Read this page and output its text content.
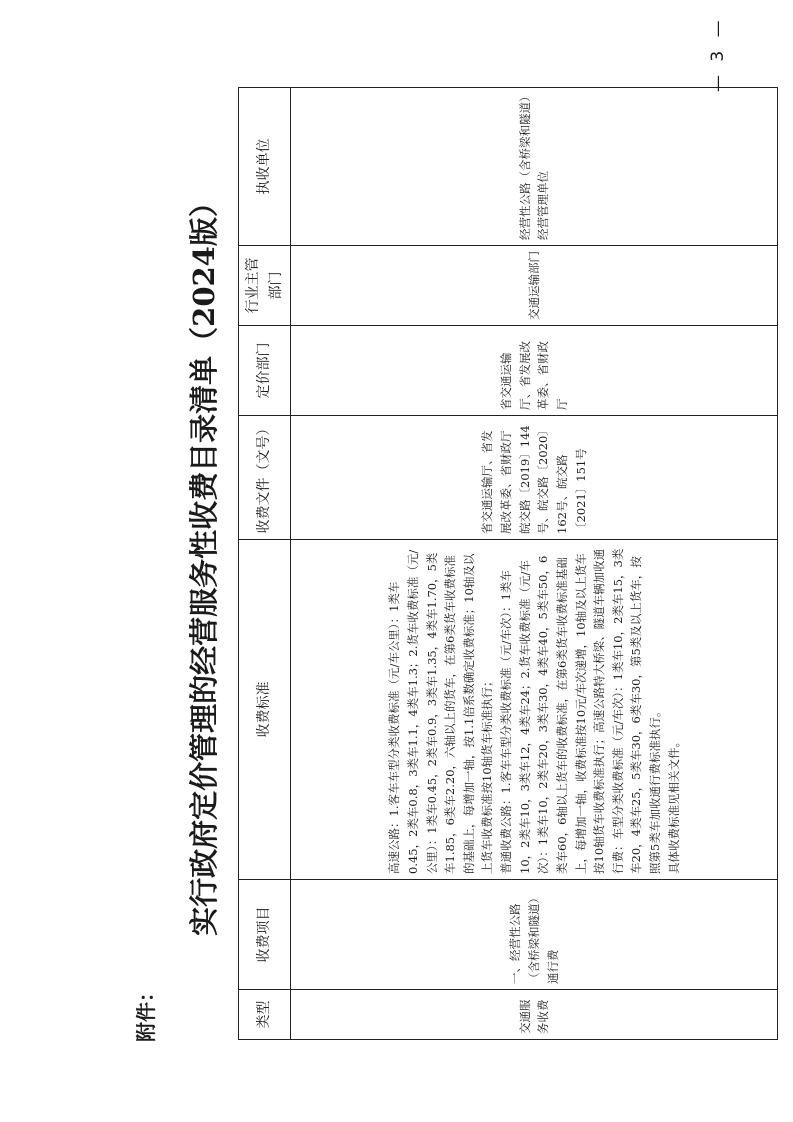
附件：
实行政府定价管理的经营服务性收费目录清单（2024版）
类型	收费项目	收费标准	收费文件（文号）	定价部门	行业主管部门	执收单位
交通服务收费	一、经营性公路（含桥梁和隧道）通行费	高速公路：1.客车车型分类收费标准（元/车公里）：1类车0.45，2类车0.8，3类车1.1，4类车1.3；2.货车收费标准（元/公里）：1类车0.45，2类车0.9，3类车1.35，4类车1.70，5类车1.85，6类车2.20，六轴以上的货车，在第6类货车收费标准的基础上，每增加一轴，按1.1倍系数确定收费标准；10轴及以上货车收费标准按10轴货车标准执行； 普通收费公路：1.客车车型分类收费标准（元/车次）：1类车10，2类车10，3类车12，4类车24；2.货车收费标准（元/车次）：1类车10，2类车20，3类车30，4类车40，5类车50，6类车60，6轴以上货车的收费标准，在第6类货车收费标准基础上，每增加一轴，收费标准按10元/车次递增，10轴及以上货车按10轴货车收费标准执行；高速公路特大桥梁、隧道车辆加收通行费：车型分类收费标准（元/车次）：1类车10，2类车15，3类车20，4类车25，5类车30，6类车30，第5类及以上货车，按照第5类车加收通行费标准执行。 具体收费标准见相关文件。	省交通运输厅、省发展改革委、省财政厅皖交路〔2019〕144号、皖交路〔2020〕162号、皖交路〔2021〕151号	省交通运输厅、省发展改革委、省财政厅	交通运输部门	经营性公路（含桥梁和隧道）经营管理单位
— 3 —
